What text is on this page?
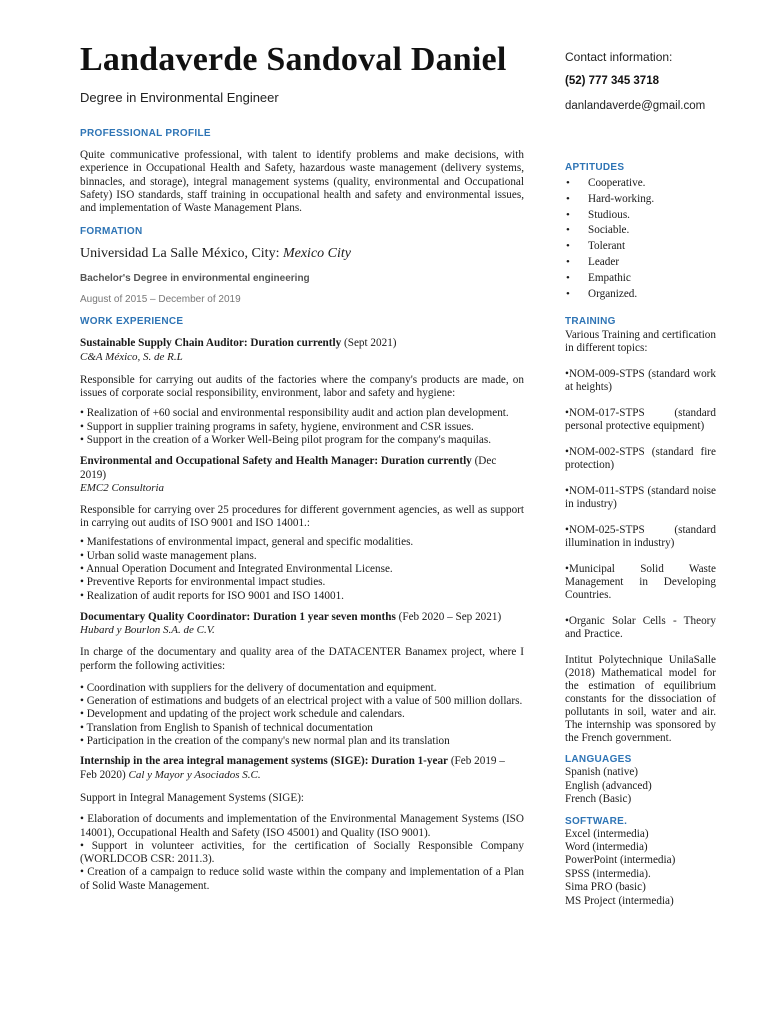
Landaverde Sandoval Daniel
Degree in Environmental Engineer
PROFESSIONAL PROFILE
Quite communicative professional, with talent to identify problems and make decisions, with experience in Occupational Health and Safety, hazardous waste management (delivery systems, binnacles, and storage), integral management systems (quality, environmental and Occupational Safety) ISO standards, staff training in occupational health and safety and environmental issues, and implementation of Waste Management Plans.
FORMATION
Universidad La Salle México, City: Mexico City
Bachelor's Degree in environmental engineering
August of 2015 – December of 2019
WORK EXPERIENCE
Sustainable Supply Chain Auditor: Duration currently (Sept 2021)
C&A México, S. de R.L
Responsible for carrying out audits of the factories where the company's products are made, on issues of corporate social responsibility, environment, labor and safety and hygiene:
• Realization of +60 social and environmental responsibility audit and action plan development.
• Support in supplier training programs in safety, hygiene, environment and CSR issues.
• Support in the creation of a Worker Well-Being pilot program for the company's maquilas.
Environmental and Occupational Safety and Health Manager: Duration currently (Dec 2019)
EMC2 Consultoria
Responsible for carrying over 25 procedures for different government agencies, as well as support in carrying out audits of ISO 9001 and ISO 14001.:
• Manifestations of environmental impact, general and specific modalities.
• Urban solid waste management plans.
• Annual Operation Document and Integrated Environmental License.
• Preventive Reports for environmental impact studies.
• Realization of audit reports for ISO 9001 and ISO 14001.
Documentary Quality Coordinator: Duration 1 year seven months (Feb 2020 – Sep 2021)
Hubard y Bourlon S.A. de C.V.
In charge of the documentary and quality area of the DATACENTER Banamex project, where I perform the following activities:
• Coordination with suppliers for the delivery of documentation and equipment.
• Generation of estimations and budgets of an electrical project with a value of 500 million dollars.
• Development and updating of the project work schedule and calendars.
• Translation from English to Spanish of technical documentation
• Participation in the creation of the company's new normal plan and its translation
Internship in the area integral management systems (SIGE): Duration 1-year (Feb 2019 – Feb 2020) Cal y Mayor y Asociados S.C.
Support in Integral Management Systems (SIGE):
• Elaboration of documents and implementation of the Environmental Management Systems (ISO 14001), Occupational Health and Safety (ISO 45001) and Quality (ISO 9001).
• Support in volunteer activities, for the certification of Socially Responsible Company (WORLDCOB CSR: 2011.3).
• Creation of a campaign to reduce solid waste within the company and implementation of a Plan of Solid Waste Management.
Contact information:
(52) 777 345 3718
danlandaverde@gmail.com
APTITUDES
• Cooperative.
• Hard-working.
• Studious.
• Sociable.
• Tolerant
• Leader
• Empathic
• Organized.
TRAINING
Various Training and certification in different topics:
•NOM-009-STPS (standard work at heights)
•NOM-017-STPS (standard personal protective equipment)
•NOM-002-STPS (standard fire protection)
•NOM-011-STPS (standard noise in industry)
•NOM-025-STPS (standard illumination in industry)
•Municipal Solid Waste Management in Developing Countries.
•Organic Solar Cells - Theory and Practice.
Intitut Polytechnique UnilaSalle (2018) Mathematical model for the estimation of equilibrium constants for the dissociation of pollutants in soil, water and air. The internship was sponsored by the French government.
LANGUAGES
Spanish (native)
English (advanced)
French (Basic)
SOFTWARE.
Excel (intermedia)
Word (intermedia)
PowerPoint (intermedia)
SPSS (intermedia).
Sima PRO (basic)
MS Project (intermedia)
